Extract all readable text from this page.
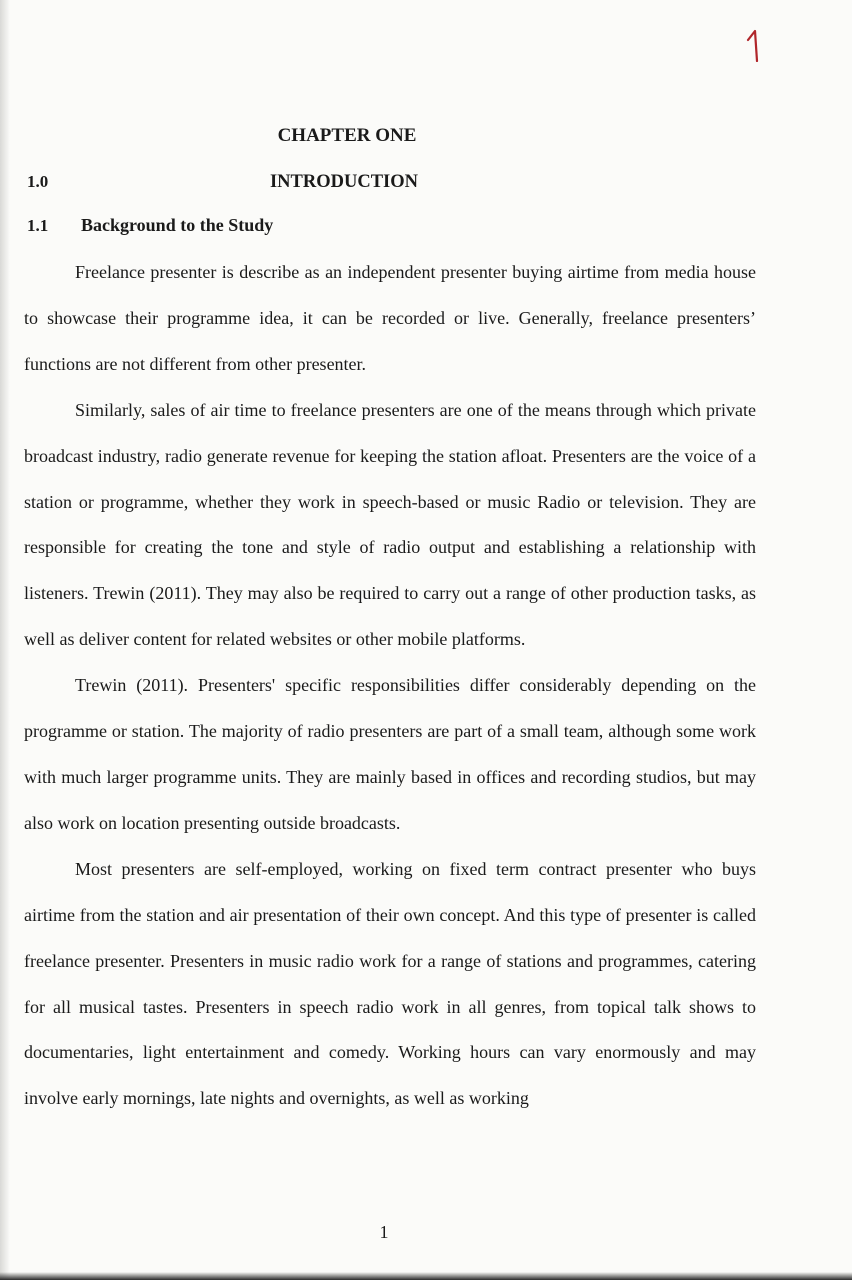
CHAPTER ONE
1.0	INTRODUCTION
1.1 Background to the Study

Freelance presenter is describe as an independent presenter buying airtime from media house to showcase their programme idea, it can be recorded or live. Generally, freelance presenters’ functions are not different from other presenter.

Similarly, sales of air time to freelance presenters are one of the means through which private broadcast industry, radio generate revenue for keeping the station afloat. Presenters are the voice of a station or programme, whether they work in speech-based or music Radio or television. They are responsible for creating the tone and style of radio output and establishing a relationship with listeners. Trewin (2011). They may also be required to carry out a range of other production tasks, as well as deliver content for related websites or other mobile platforms.

Trewin (2011). Presenters' specific responsibilities differ considerably depending on the programme or station. The majority of radio presenters are part of a small team, although some work with much larger programme units. They are mainly based in offices and recording studios, but may also work on location presenting outside broadcasts.

Most presenters are self-employed, working on fixed term contract presenter who buys airtime from the station and air presentation of their own concept. And this type of presenter is called freelance presenter. Presenters in music radio work for a range of stations and programmes, catering for all musical tastes. Presenters in speech radio work in all genres, from topical talk shows to documentaries, light entertainment and comedy. Working hours can vary enormously and may involve early mornings, late nights and overnights, as well as working

1
